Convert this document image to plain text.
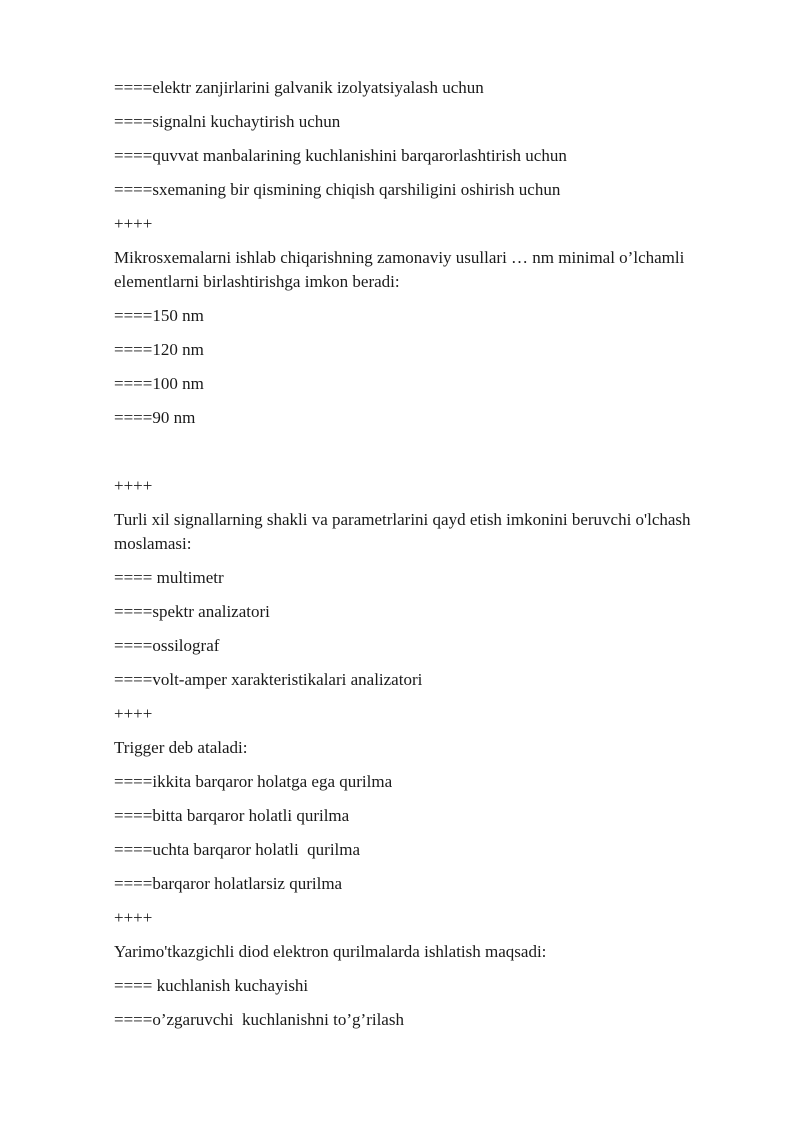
====elektr zanjirlarini galvanik izolyatsiyalash uchun
====signalni kuchaytirish uchun
====quvvat manbalarining kuchlanishini barqarorlashtirish uchun
====sxemaning bir qismining chiqish qarshiligini oshirish uchun
++++
Mikrosxemalarni ishlab chiqarishning zamonaviy usullari … nm minimal o’lchamli elementlarni birlashtirishga imkon beradi:
====150 nm
====120 nm
====100 nm
====90 nm
++++
Turli xil signallarning shakli va parametrlarini qayd etish imkonini beruvchi o'lchash moslamasi:
==== multimetr
====spektr analizatori
====ossilograf
====volt-amper xarakteristikalari analizatori
++++
Trigger deb ataladi:
====ikkita barqaror holatga ega qurilma
====bitta barqaror holatli qurilma
====uchta barqaror holatli  qurilma
====barqaror holatlarsiz qurilma
++++
Yarimo'tkazgichli diod elektron qurilmalarda ishlatish maqsadi:
==== kuchlanish kuchayishi
====o’zgaruvchi  kuchlanishni to’g’rilash
